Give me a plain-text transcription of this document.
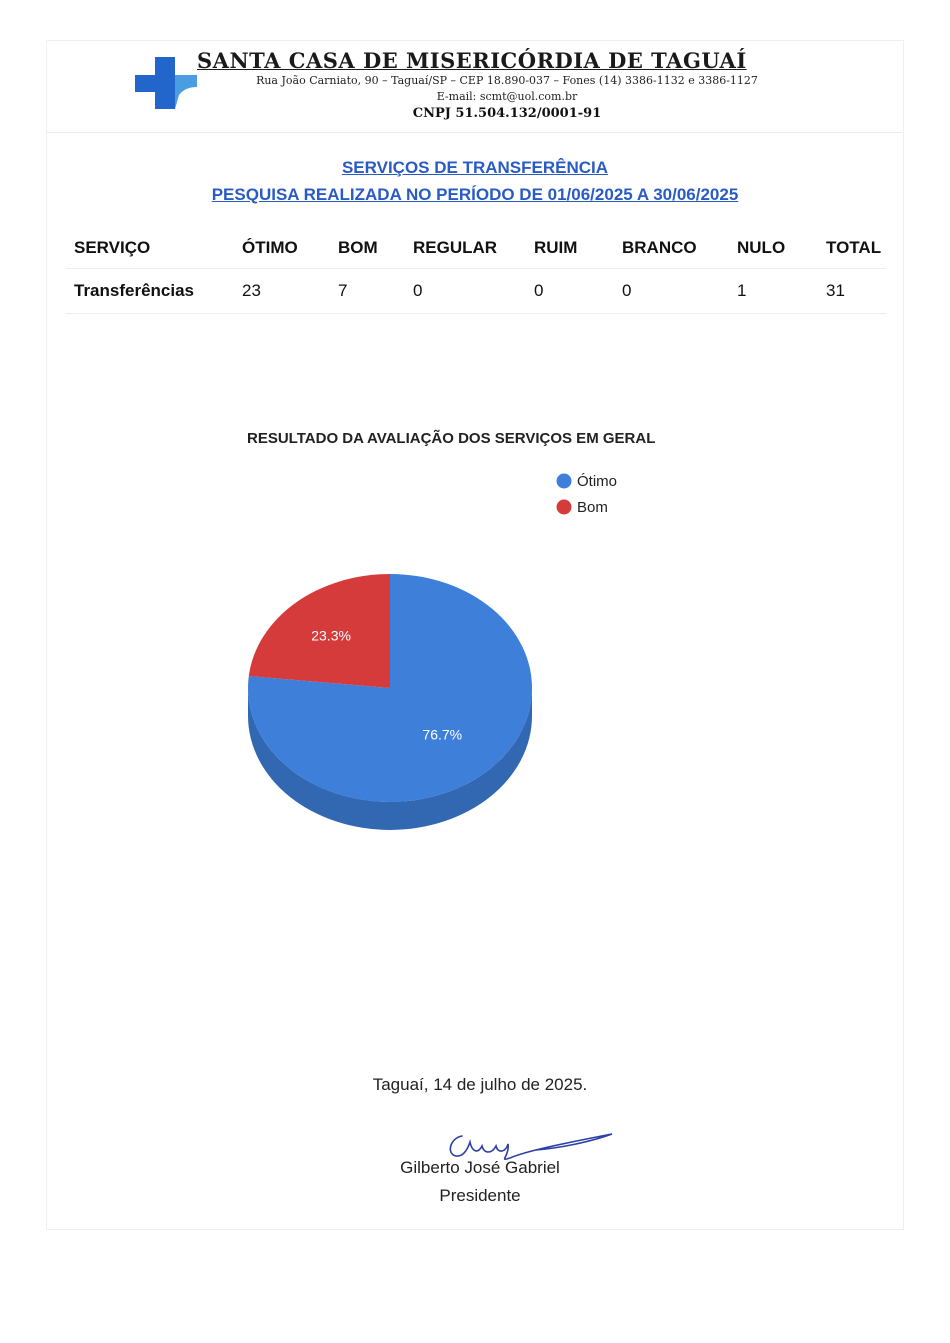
SANTA CASA DE MISERICÓRDIA DE TAGUAÍ
Rua João Carniato, 90 – Taguaí/SP – CEP 18.890-037 – Fones (14) 3386-1132 e 3386-1127
E-mail: scmt@uol.com.br
CNPJ 51.504.132/0001-91
SERVIÇOS DE TRANSFERÊNCIA
PESQUISA REALIZADA NO PERÍODO DE 01/06/2025 A 30/06/2025
SERVIÇO	ÓTIMO	BOM	REGULAR	RUIM	BRANCO	NULO	TOTAL
Transferências	23	7	0	0	0	1	31
RESULTADO DA AVALIAÇÃO DOS SERVIÇOS EM GERAL
76.7%
23.3%
Ótimo
Bom
Taguaí, 14 de julho de 2025.
Gilberto José Gabriel
Presidente
